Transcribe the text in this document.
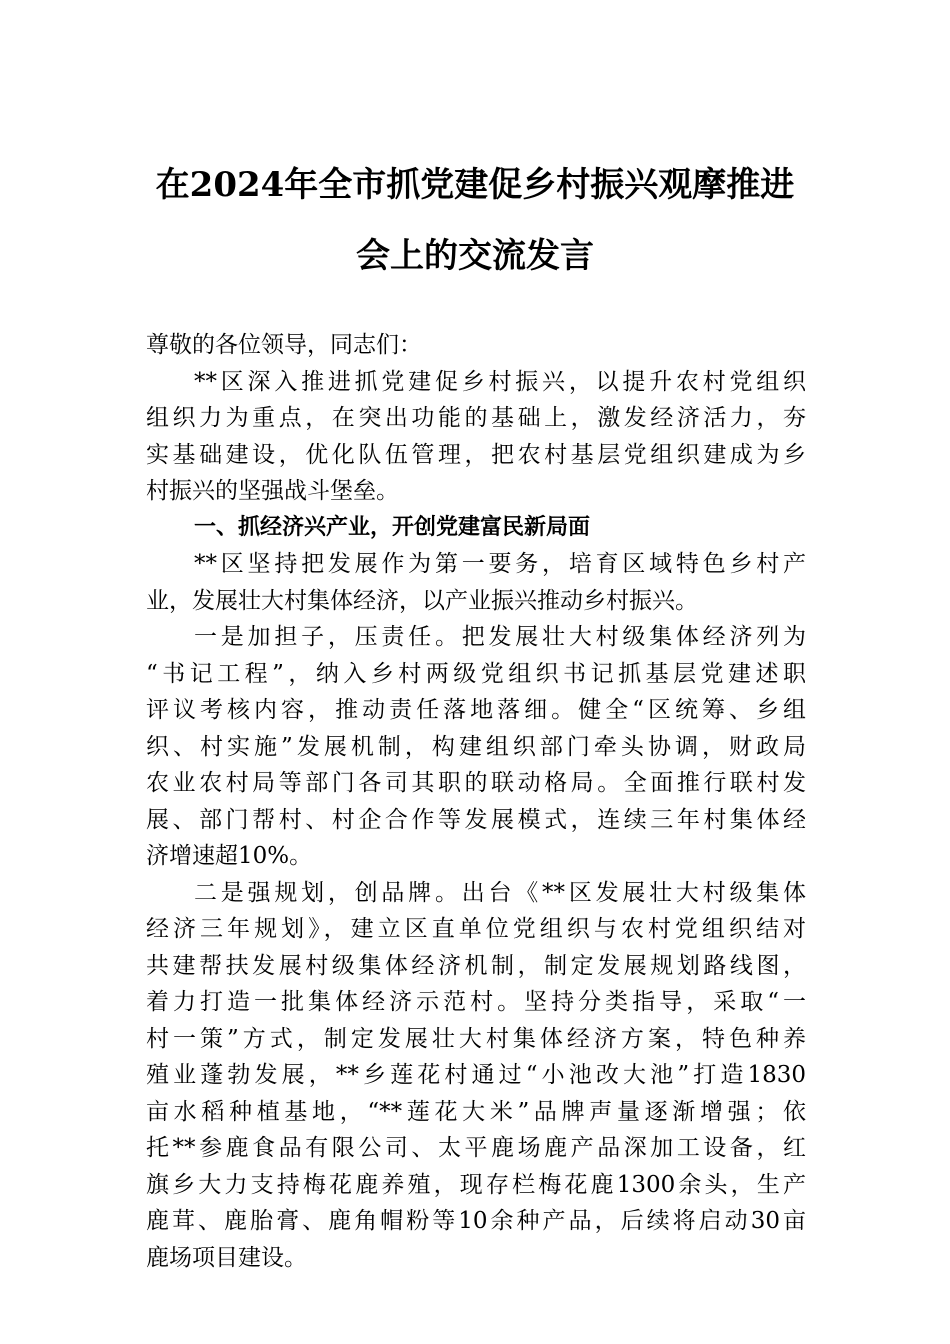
在2024年全市抓党建促乡村振兴观摩推进
会上的交流发言
尊敬的各位领导，同志们：
**区深入推进抓党建促乡村振兴，以提升农村党组织
组织力为重点，在突出功能的基础上，激发经济活力，夯
实基础建设，优化队伍管理，把农村基层党组织建成为乡
村振兴的坚强战斗堡垒。
一、抓经济兴产业，开创党建富民新局面
**区坚持把发展作为第一要务，培育区域特色乡村产
业，发展壮大村集体经济，以产业振兴推动乡村振兴。
一是加担子，压责任。把发展壮大村级集体经济列为
“书记工程”，纳入乡村两级党组织书记抓基层党建述职
评议考核内容，推动责任落地落细。健全“区统筹、乡组
织、村实施”发展机制，构建组织部门牵头协调，财政局
农业农村局等部门各司其职的联动格局。全面推行联村发
展、部门帮村、村企合作等发展模式，连续三年村集体经
济增速超10%。
二是强规划，创品牌。出台《**区发展壮大村级集体
经济三年规划》，建立区直单位党组织与农村党组织结对
共建帮扶发展村级集体经济机制，制定发展规划路线图，
着力打造一批集体经济示范村。坚持分类指导，采取“一
村一策”方式，制定发展壮大村集体经济方案，特色种养
殖业蓬勃发展，**乡莲花村通过“小池改大池”打造1830
亩水稻种植基地，“**莲花大米”品牌声量逐渐增强；依
托**参鹿食品有限公司、太平鹿场鹿产品深加工设备，红
旗乡大力支持梅花鹿养殖，现存栏梅花鹿1300余头，生产
鹿茸、鹿胎膏、鹿角帽粉等10余种产品，后续将启动30亩
鹿场项目建设。
